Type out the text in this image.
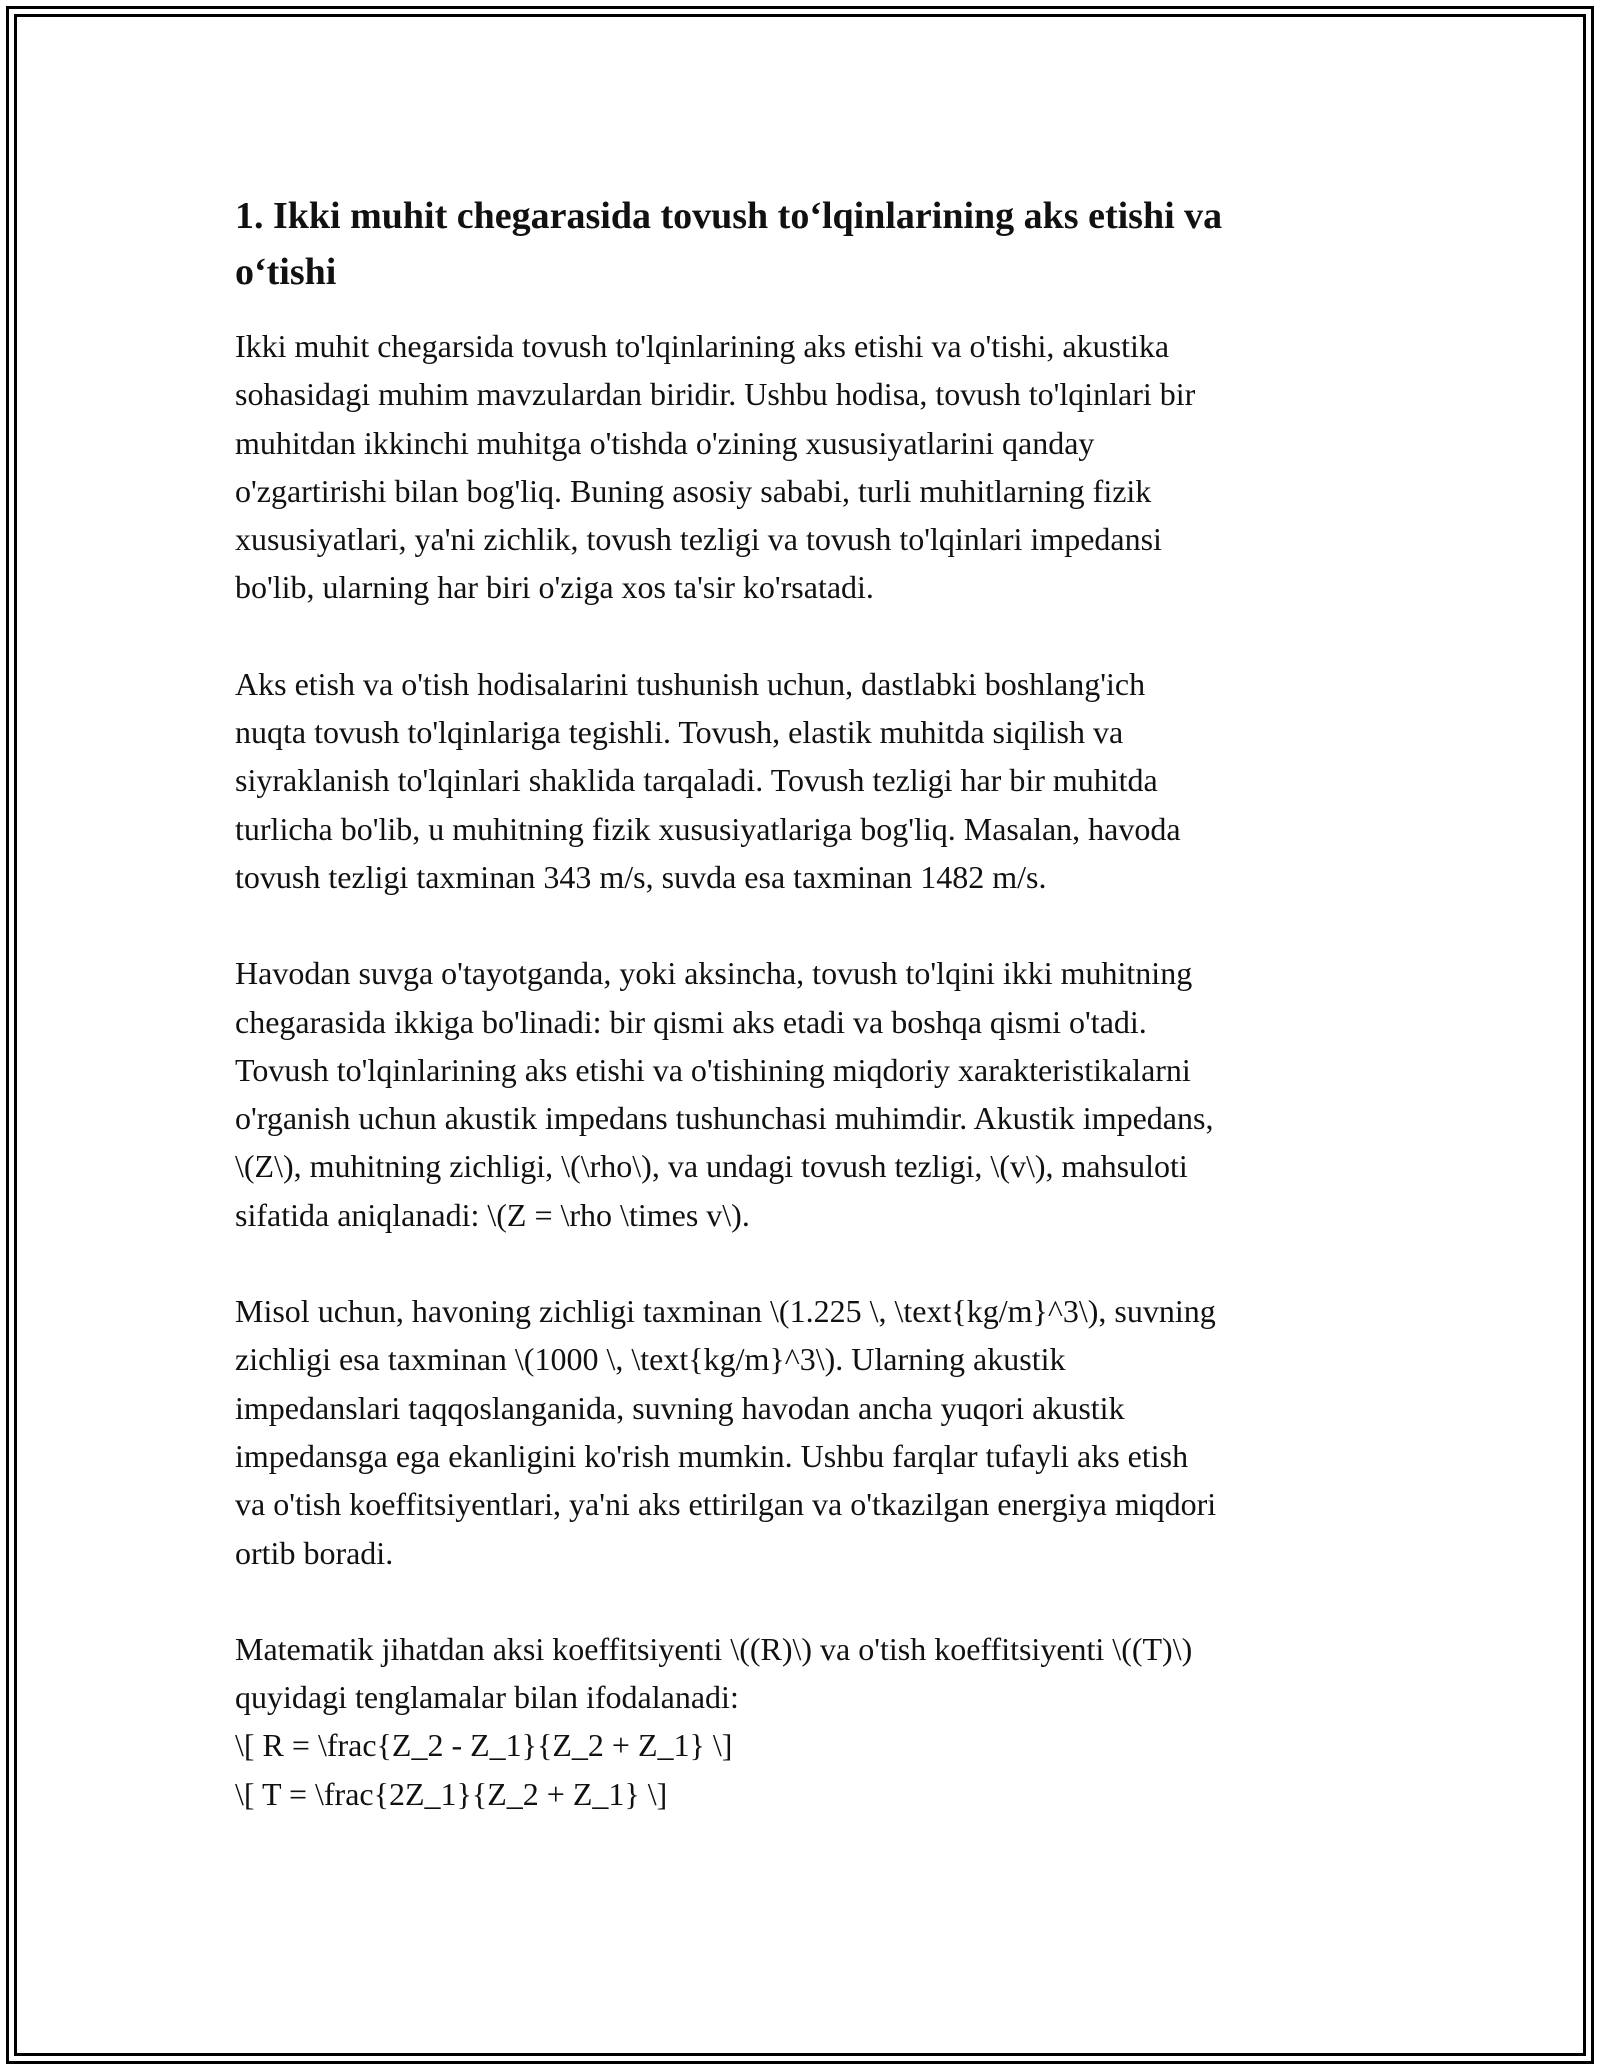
1. Ikki muhit chegarasida tovush to‘lqinlarining aks etishi va
o‘tishi

Ikki muhit chegarsida tovush to'lqinlarining aks etishi va o'tishi, akustika
sohasidagi muhim mavzulardan biridir. Ushbu hodisa, tovush to'lqinlari bir
muhitdan ikkinchi muhitga o'tishda o'zining xususiyatlarini qanday
o'zgartirishi bilan bog'liq. Buning asosiy sababi, turli muhitlarning fizik
xususiyatlari, ya'ni zichlik, tovush tezligi va tovush to'lqinlari impedansi
bo'lib, ularning har biri o'ziga xos ta'sir ko'rsatadi.

Aks etish va o'tish hodisalarini tushunish uchun, dastlabki boshlang'ich
nuqta tovush to'lqinlariga tegishli. Tovush, elastik muhitda siqilish va
siyraklanish to'lqinlari shaklida tarqaladi. Tovush tezligi har bir muhitda
turlicha bo'lib, u muhitning fizik xususiyatlariga bog'liq. Masalan, havoda
tovush tezligi taxminan 343 m/s, suvda esa taxminan 1482 m/s.

Havodan suvga o'tayotganda, yoki aksincha, tovush to'lqini ikki muhitning
chegarasida ikkiga bo'linadi: bir qismi aks etadi va boshqa qismi o'tadi.
Tovush to'lqinlarining aks etishi va o'tishining miqdoriy xarakteristikalarni
o'rganish uchun akustik impedans tushunchasi muhimdir. Akustik impedans,
\(Z\), muhitning zichligi, \(\rho\), va undagi tovush tezligi, \(v\), mahsuloti
sifatida aniqlanadi: \(Z = \rho \times v\).

Misol uchun, havoning zichligi taxminan \(1.225 \, \text{kg/m}^3\), suvning
zichligi esa taxminan \(1000 \, \text{kg/m}^3\). Ularning akustik
impedanslari taqqoslanganida, suvning havodan ancha yuqori akustik
impedansga ega ekanligini ko'rish mumkin. Ushbu farqlar tufayli aks etish
va o'tish koeffitsiyentlari, ya'ni aks ettirilgan va o'tkazilgan energiya miqdori
ortib boradi.

Matematik jihatdan aksi koeffitsiyenti \((R)\) va o'tish koeffitsiyenti \((T)\)
quyidagi tenglamalar bilan ifodalanadi:
\[ R = \frac{Z_2 - Z_1}{Z_2 + Z_1} \]
\[ T = \frac{2Z_1}{Z_2 + Z_1} \]
